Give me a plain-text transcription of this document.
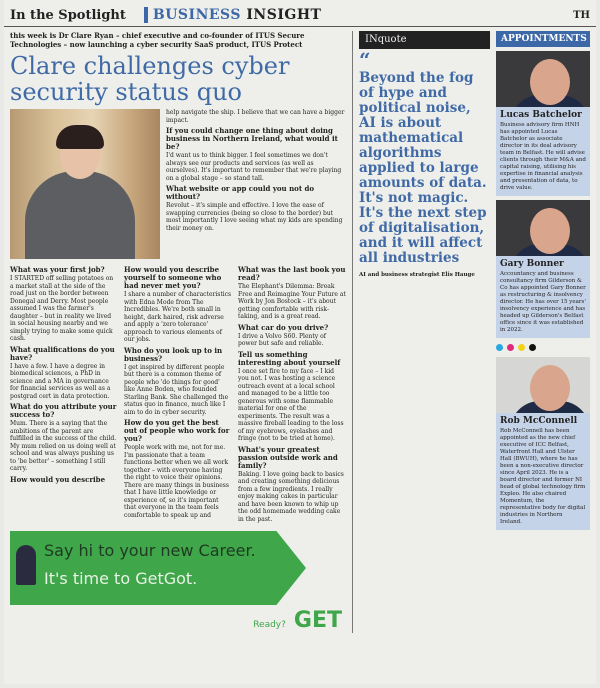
In the Spotlight	BUSINESS INSIGHT	TH
this week is Dr Clare Ryan – chief executive and co-founder of ITUS Secure Technologies – now launching a cyber security SaaS product, ITUS Protect
Clare challenges cyber security status quo

help navigate the ship. I believe that we can have a bigger impact.

If you could change one thing about doing business in Northern Ireland, what would it be?

I'd want us to think bigger. I feel sometimes we don't always see our products and services (as well as ourselves). It's important to remember that we're playing on a global stage – so stand tall.

What website or app could you not do without?

Revolut – it's simple and effective. I love the ease of swapping currencies (being so close to the border) but most importantly I love seeing what my kids are spending their money on.

What was your first job?

I STARTED off selling potatoes on a market stall at the side of the road just on the border between Donegal and Derry. Most people assumed I was the farmer's daughter – but in reality we lived in social housing nearby and we simply trying to make some quick cash.

What qualifications do you have?

I have a few. I have a degree in biomedical sciences, a PhD in science and a MA in governance for financial services as well as a postgrad cert in data protection.

What do you attribute your success to?

Mum. There is a saying that the ambitions of the parent are fulfilled in the success of the child. My mum relied on us doing well at school and was always pushing us to 'be better' – something I still carry.

How would you describe
How would you describe yourself to someone who had never met you?

I share a number of characteristics with Edna Mode from The Incredibles. We're both small in height, dark haired, risk adverse and apply a 'zero tolerance' approach to various elements of our jobs.

Who do you look up to in business?

I get inspired by different people but there is a common theme of people who 'do things for good' like Anne Boden, who founded Starling Bank. She challenged the status quo in finance, much like I aim to do in cyber security.

How do you get the best out of people who work for you?

People work with me, not for me. I'm passionate that a team functions better when we all work together – with everyone having the right to voice their opinions. There are many things in business that I have little knowledge or experience of, so it's important that everyone in the team feels comfortable to speak up and

What was the last book you read?

The Elephant's Dilemma: Break Free and Reimagine Your Future at Work by Jon Bostock – it's about getting comfortable with risk-taking, and is a great read.

What car do you drive?

I drive a Volvo S60. Plenty of power but safe and reliable.

Tell us something interesting about yourself

I once set fire to my face – I kid you not. I was hosting a science outreach event at a local school and managed to be a little too generous with some flammable material for one of the experiments. The result was a massive fireball leading to the loss of my eyebrows, eyelashes and fringe (not to be tried at home).

What's your greatest passion outside work and family?

Baking. I love going back to basics and creating something delicious from a few ingredients. I really enjoy making cakes in particular and have been known to whip up the odd homemade wedding cake in the past.

Say hi to your new Career.
It's time to GetGot.
Ready? GET
INquote
“
Beyond the fog of hype and political noise, AI is about mathematical algorithms applied to large amounts of data. It's not magic. It's the next step of digitalisation, and it will affect all industries
AI and business strategist Elis Hauge
APPOINTMENTS
Lucas Batchelor
Business advisory firm HNH has appointed Lucas Batchelor as associate director in its deal advisory team in Belfast. He will advise clients through their M&A and capital raising, utilising his expertise in financial analysis and presentation of data, to drive value.
Gary Bonner
Accountancy and business consultancy firm Gilderson & Co has appointed Gary Bonner as restructuring & insolvency director. He has over 15 years' insolvency experience and has headed up Gilderson's Belfast office since it was established in 2022.
Rob McConnell
Rob McConnell has been appointed as the new chief executive of ICC Belfast, Waterfront Hall and Ulster Hall (BWUH), where he has been a non-executive director since April 2023. He is a board director and former NI head of global technology firm Expleo. He also chaired Momentum, the representative body for digital industries in Northern Ireland.
